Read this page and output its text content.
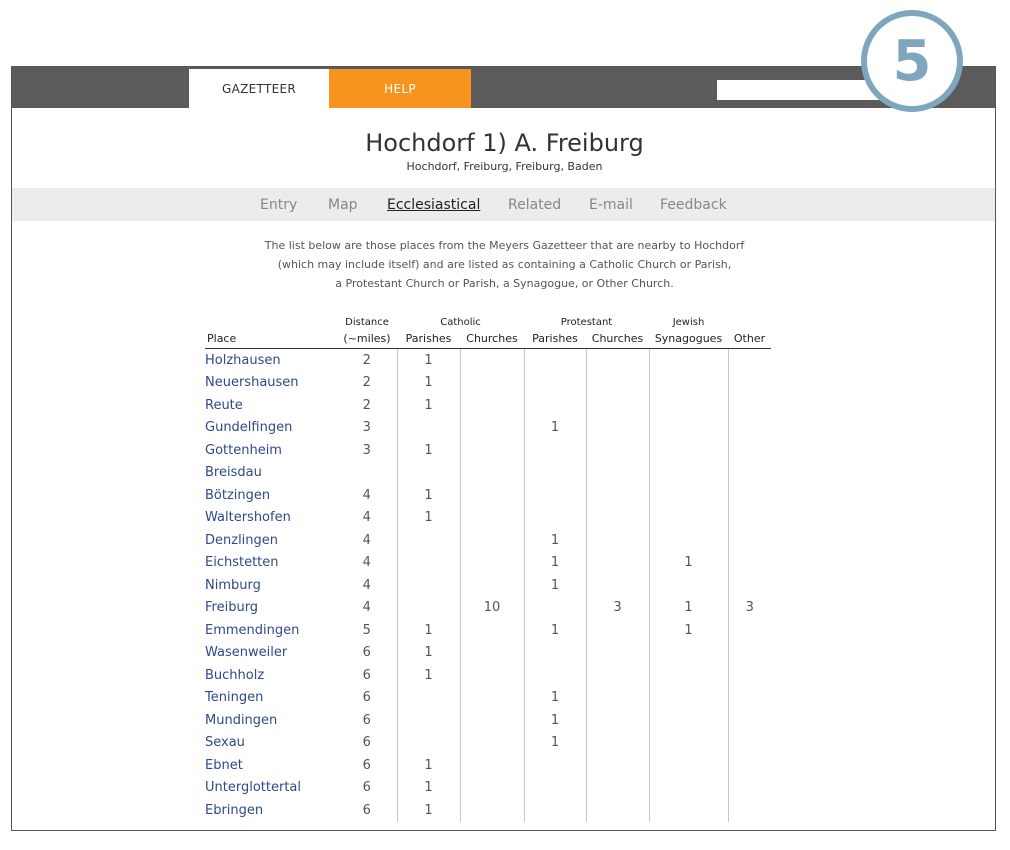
5
GAZETTEER	HELP
Hochdorf 1) A. Freiburg
Hochdorf, Freiburg, Freiburg, Baden
Entry Map Ecclesiastical Related E-mail Feedback
The list below are those places from the Meyers Gazetteer that are nearby to Hochdorf
(which may include itself) and are listed as containing a Catholic Church or Parish,
a Protestant Church or Parish, a Synagogue, or Other Church.
	Distance	Catholic		Protestant		Jewish	
Place	(~miles)	Parishes	Churches	Parishes	Churches	Synagogues	Other
Holzhausen	2	1					
Neuershausen	2	1					
Reute	2	1					
Gundelfingen	3			1			
Gottenheim	3	1					
Breisdau							
Bötzingen	4	1					
Waltershofen	4	1					
Denzlingen	4			1			
Eichstetten	4			1		1	
Nimburg	4			1			
Freiburg	4		10		3	1	3
Emmendingen	5	1		1		1	
Wasenweiler	6	1					
Buchholz	6	1					
Teningen	6			1			
Mundingen	6			1			
Sexau	6			1			
Ebnet	6	1					
Unterglottertal	6	1					
Ebringen	6	1					
